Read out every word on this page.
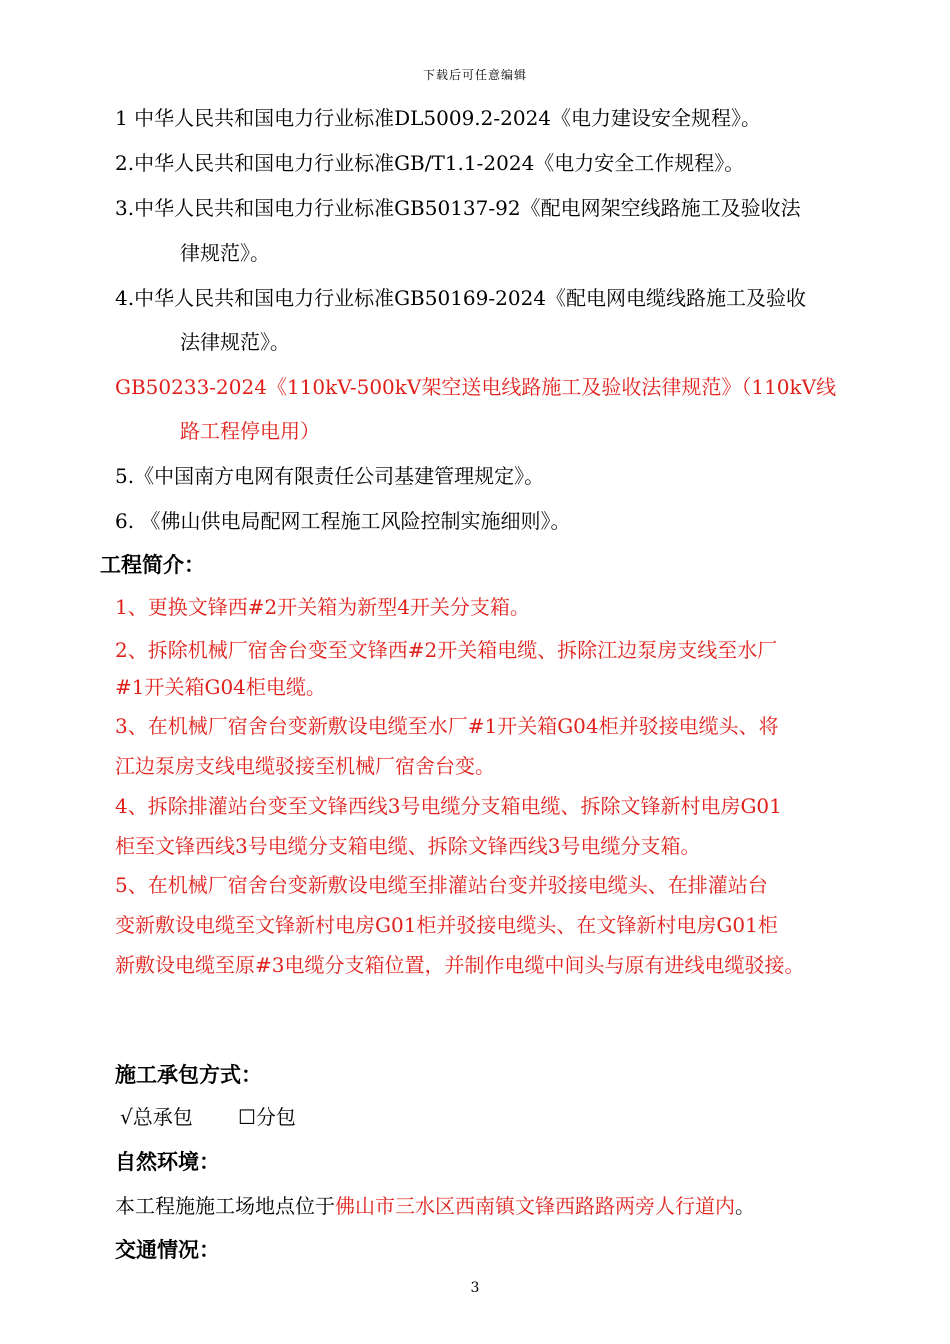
下载后可任意编辑
1 中华人民共和国电力行业标准DL5009.2-2024《电力建设安全规程》。
2.中华人民共和国电力行业标准GB/T1.1-2024《电力安全工作规程》。
3.中华人民共和国电力行业标准GB50137-92《配电网架空线路施工及验收法
律规范》。
4.中华人民共和国电力行业标准GB50169-2024《配电网电缆线路施工及验收
法律规范》。
GB50233-2024《110kV-500kV架空送电线路施工及验收法律规范》（110kV线
路工程停电用）
5.《中国南方电网有限责任公司基建管理规定》。
6. 《佛山供电局配网工程施工风险控制实施细则》。
工程简介：
1、更换文锋西#2开关箱为新型4开关分支箱。
2、拆除机械厂宿舍台变至文锋西#2开关箱电缆、拆除江边泵房支线至水厂
#1开关箱G04柜电缆。
3、在机械厂宿舍台变新敷设电缆至水厂#1开关箱G04柜并驳接电缆头、将
江边泵房支线电缆驳接至机械厂宿舍台变。
4、拆除排灌站台变至文锋西线3号电缆分支箱电缆、拆除文锋新村电房G01
柜至文锋西线3号电缆分支箱电缆、拆除文锋西线3号电缆分支箱。
5、在机械厂宿舍台变新敷设电缆至排灌站台变并驳接电缆头、在排灌站台
变新敷设电缆至文锋新村电房G01柜并驳接电缆头、在文锋新村电房G01柜
新敷设电缆至原#3电缆分支箱位置，并制作电缆中间头与原有进线电缆驳接。
施工承包方式：
√总承包 ☐分包
自然环境：
本工程施施工场地点位于佛山市三水区西南镇文锋西路路两旁人行道内。
交通情况：
3
